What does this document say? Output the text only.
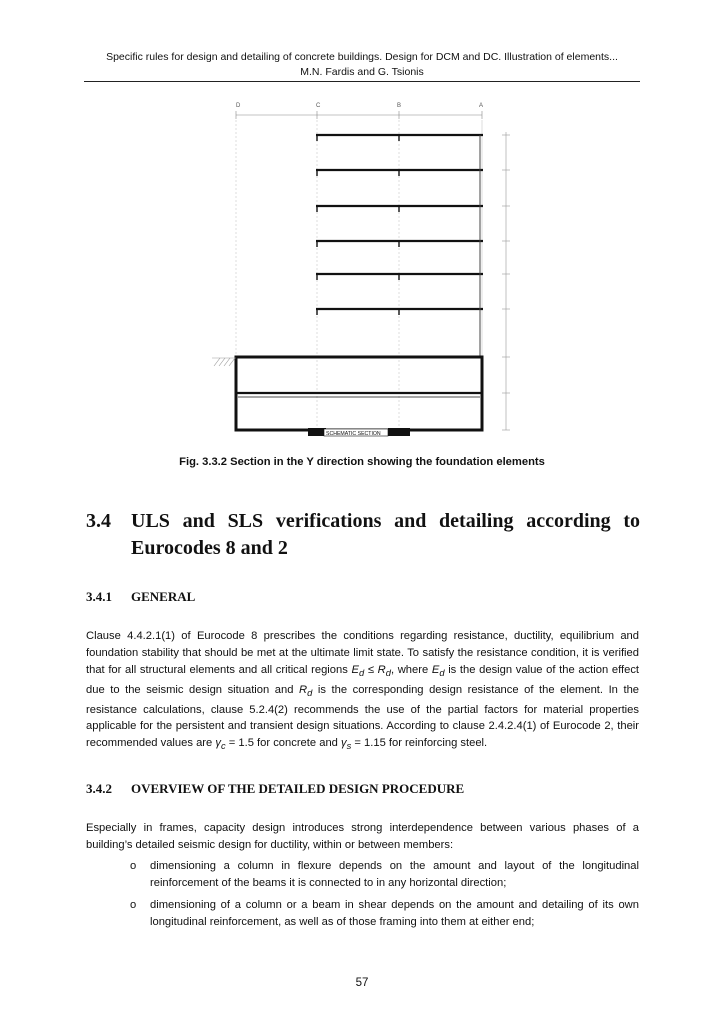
Specific rules for design and detailing of concrete buildings. Design for DCM and DC. Illustration of elements...
M.N. Fardis and G. Tsionis
D	C	B	A
SCHEMATIC SECTION
Fig. 3.3.2 Section in the Y direction showing the foundation elements
3.4 ULS and SLS verifications and detailing according to
Eurocodes 8 and 2
3.4.1 GENERAL
Clause 4.4.2.1(1) of Eurocode 8 prescribes the conditions regarding resistance, ductility, equilibrium and foundation stability that should be met at the ultimate limit state. To satisfy the resistance condition, it is verified that for all structural elements and all critical regions $E_d \le R_d$, where $E_d$ is the design value of the action effect due to the seismic design situation and $R_d$ is the corresponding design resistance of the element. In the resistance calculations, clause 5.2.4(2) recommends the use of the partial factors for material properties applicable for the persistent and transient design situations. According to clause 2.4.2.4(1) of Eurocode 2, their recommended values are $\gamma_c = 1.5$ for concrete and $\gamma_s = 1.15$ for reinforcing steel.
3.4.2 OVERVIEW OF THE DETAILED DESIGN PROCEDURE
Especially in frames, capacity design introduces strong interdependence between various phases of a building’s detailed seismic design for ductility, within or between members:
o dimensioning a column in flexure depends on the amount and layout of the longitudinal reinforcement of the beams it is connected to in any horizontal direction;
o dimensioning of a column or a beam in shear depends on the amount and detailing of its own longitudinal reinforcement, as well as of those framing into them at either end;
57
